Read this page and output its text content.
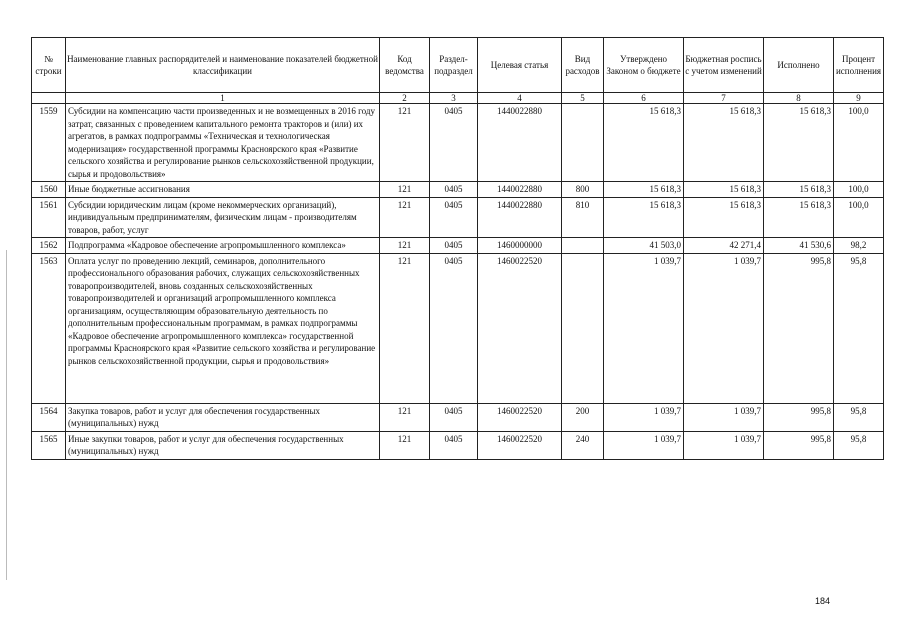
№ строки	Наименование главных распорядителей и наименование показателей бюджетной классификации	Код ведомства	Раздел-подраздел	Целевая статья	Вид расходов	Утверждено Законом о бюджете	Бюджетная роспись с учетом изменений	Исполнено	Процент исполнения
	1	2	3	4	5	6	7	8	9
1559	Субсидии на компенсацию части произведенных и не возмещенных в 2016 году затрат, связанных с проведением капитального ремонта тракторов и (или) их агрегатов, в рамках подпрограммы «Техническая и технологическая модернизация» государственной программы Красноярского края «Развитие сельского хозяйства и регулирование рынков сельскохозяйственной продукции, сырья и продовольствия»	121	0405	1440022880		15 618,3	15 618,3	15 618,3	100,0
1560	Иные бюджетные ассигнования	121	0405	1440022880	800	15 618,3	15 618,3	15 618,3	100,0
1561	Субсидии юридическим лицам (кроме некоммерческих организаций), индивидуальным предпринимателям, физическим лицам - производителям товаров, работ, услуг	121	0405	1440022880	810	15 618,3	15 618,3	15 618,3	100,0
1562	Подпрограмма «Кадровое обеспечение агропромышленного комплекса»	121	0405	1460000000		41 503,0	42 271,4	41 530,6	98,2
1563	Оплата услуг по проведению лекций, семинаров, дополнительного профессионального образования рабочих, служащих сельскохозяйственных товаропроизводителей, вновь созданных сельскохозяйственных товаропроизводителей и организаций агропромышленного комплекса организациям, осуществляющим образовательную деятельность по дополнительным профессиональным программам, в рамках подпрограммы «Кадровое обеспечение агропромышленного комплекса» государственной программы Красноярского края «Развитие сельского хозяйства и регулирование рынков сельскохозяйственной продукции, сырья и продовольствия»	121	0405	1460022520		1 039,7	1 039,7	995,8	95,8
1564	Закупка товаров, работ и услуг для обеспечения государственных (муниципальных) нужд	121	0405	1460022520	200	1 039,7	1 039,7	995,8	95,8
1565	Иные закупки товаров, работ и услуг для обеспечения государственных (муниципальных) нужд	121	0405	1460022520	240	1 039,7	1 039,7	995,8	95,8
184
